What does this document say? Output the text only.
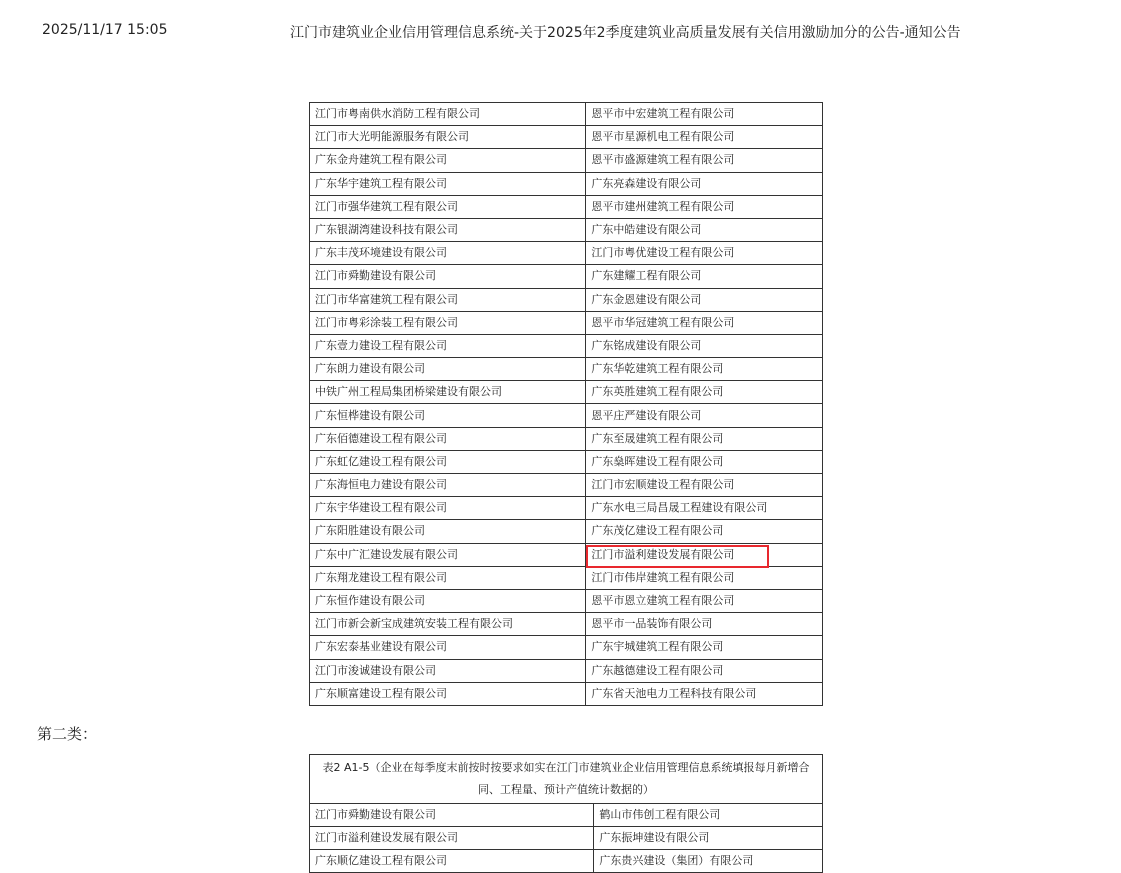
2025/11/17 15:05	江门市建筑业企业信用管理信息系统-关于2025年2季度建筑业高质量发展有关信用激励加分的公告-通知公告
江门市粤南供水消防工程有限公司	恩平市中宏建筑工程有限公司
江门市大光明能源服务有限公司	恩平市星源机电工程有限公司
广东金舟建筑工程有限公司	恩平市盛源建筑工程有限公司
广东华宇建筑工程有限公司	广东亮森建设有限公司
江门市强华建筑工程有限公司	恩平市建州建筑工程有限公司
广东银湖湾建设科技有限公司	广东中皓建设有限公司
广东丰茂环境建设有限公司	江门市粤优建设工程有限公司
江门市舜勤建设有限公司	广东建耀工程有限公司
江门市华富建筑工程有限公司	广东金恩建设有限公司
江门市粤彩涂装工程有限公司	恩平市华冠建筑工程有限公司
广东壹力建设工程有限公司	广东铭成建设有限公司
广东朗力建设有限公司	广东华乾建筑工程有限公司
中铁广州工程局集团桥梁建设有限公司	广东英胜建筑工程有限公司
广东恒桦建设有限公司	恩平庄严建设有限公司
广东佰德建设工程有限公司	广东至晟建筑工程有限公司
广东虹亿建设工程有限公司	广东燊晖建设工程有限公司
广东海恒电力建设有限公司	江门市宏顺建设工程有限公司
广东宇华建设工程有限公司	广东水电三局昌晟工程建设有限公司
广东阳胜建设有限公司	广东茂亿建设工程有限公司
广东中广汇建设发展有限公司	江门市溢利建设发展有限公司
广东翔龙建设工程有限公司	江门市伟岸建筑工程有限公司
广东恒作建设有限公司	恩平市恩立建筑工程有限公司
江门市新会新宝成建筑安装工程有限公司	恩平市一品装饰有限公司
广东宏泰基业建设有限公司	广东宇城建筑工程有限公司
江门市浚诚建设有限公司	广东越德建设工程有限公司
广东顺富建设工程有限公司	广东省天池电力工程科技有限公司
第二类：
表2 A1-5（企业在每季度末前按时按要求如实在江门市建筑业企业信用管理信息系统填报每月新增合同、工程量、预计产值统计数据的）	
江门市舜勤建设有限公司	鹤山市伟创工程有限公司
江门市溢利建设发展有限公司	广东振坤建设有限公司
广东顺亿建设工程有限公司	广东贵兴建设（集团）有限公司
